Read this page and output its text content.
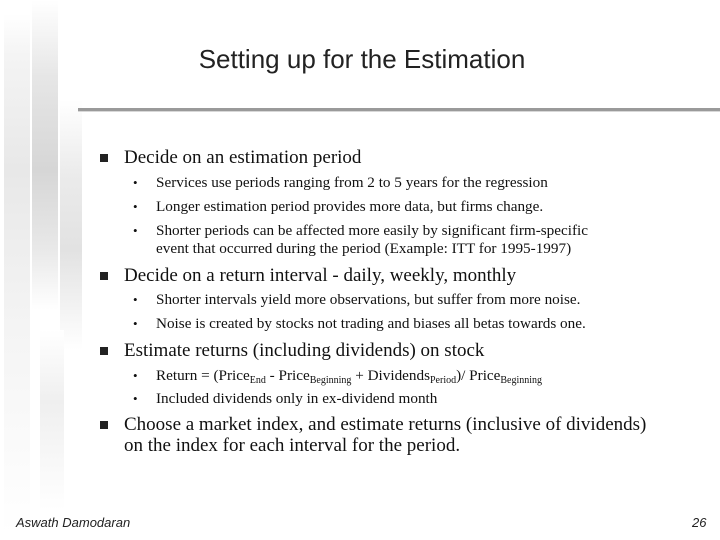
Setting up for the Estimation
Decide on an estimation period
• Services use periods ranging from 2 to 5 years for the regression
• Longer estimation period provides more data, but firms change.
• Shorter periods can be affected more easily by significant firm-specific
event that occurred during the period (Example: ITT for 1995-1997)
Decide on a return interval - daily, weekly, monthly
• Shorter intervals yield more observations, but suffer from more noise.
• Noise is created by stocks not trading and biases all betas towards one.
Estimate returns (including dividends) on stock
• Return = (Price$_{End}$ - Price$_{Beginning}$ + Dividends$_{Period}$)/ Price$_{Beginning}$
• Included dividends only in ex-dividend month
Choose a market index, and estimate returns (inclusive of dividends)
on the index for each interval for the period.
Aswath Damodaran	26
